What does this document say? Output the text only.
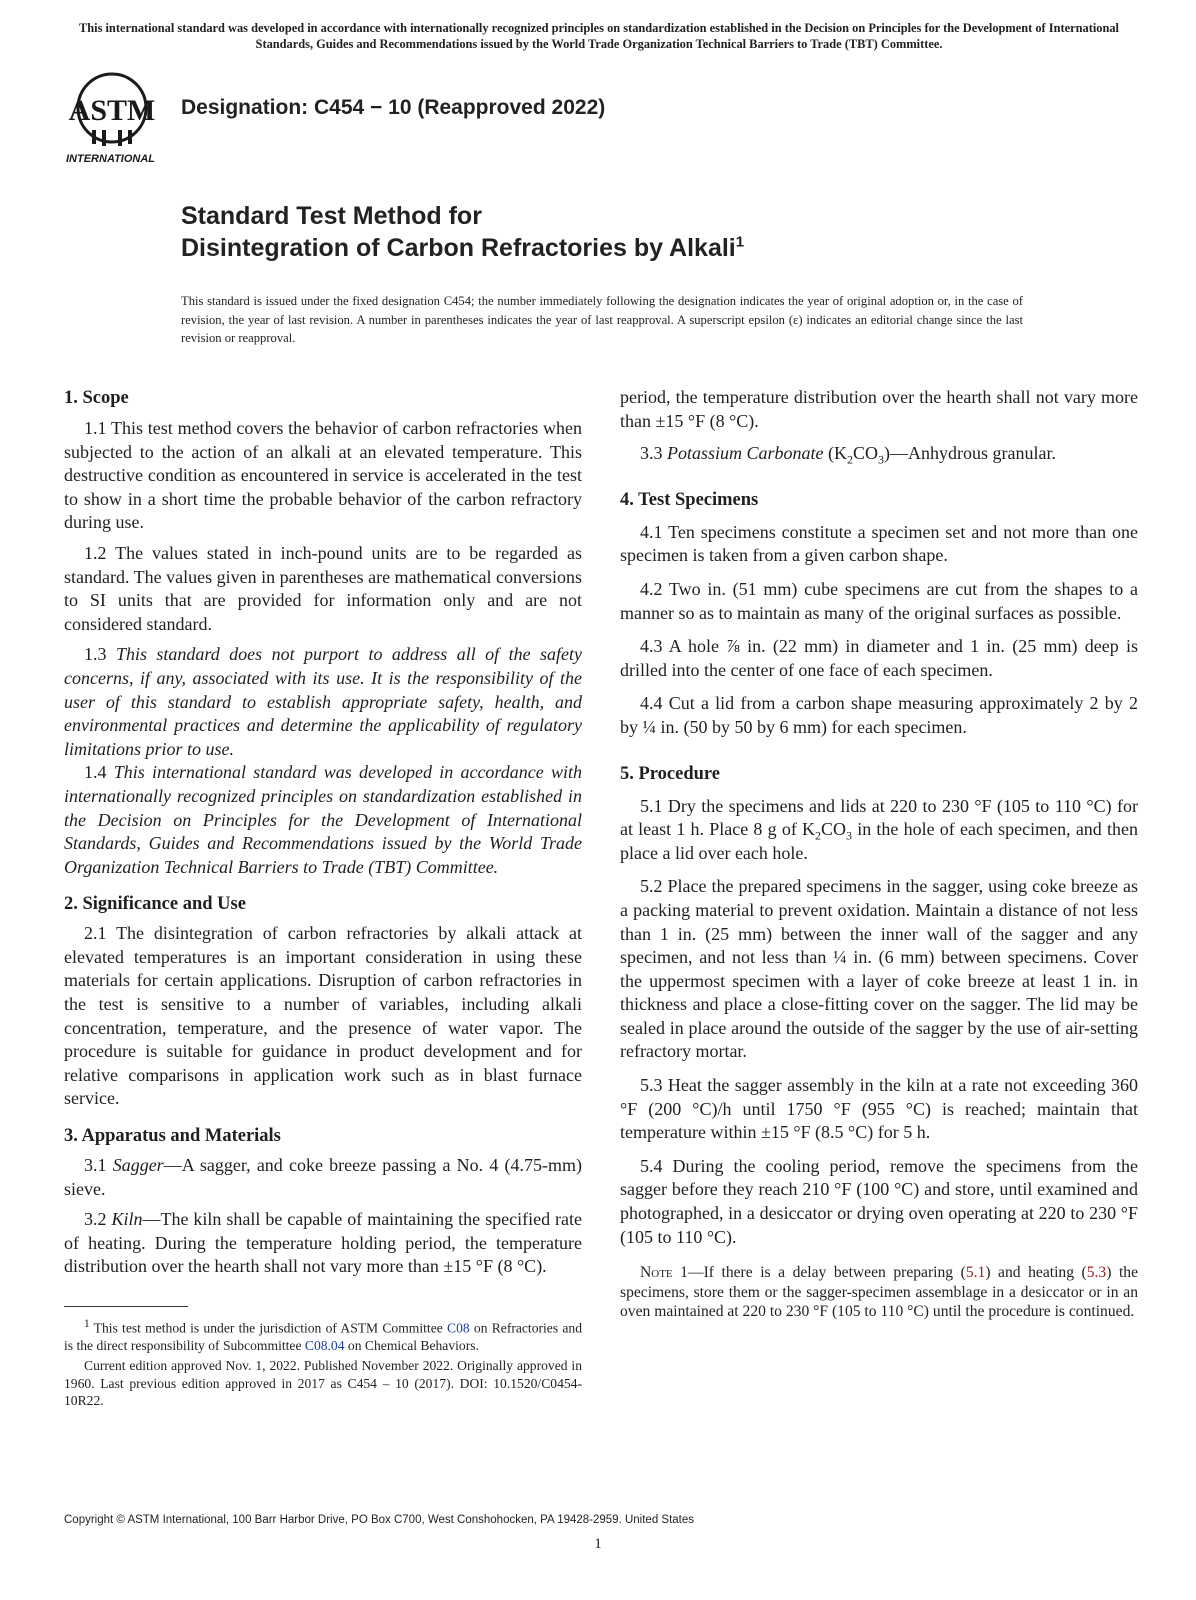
This international standard was developed in accordance with internationally recognized principles on standardization established in the Decision on Principles for the Development of International Standards, Guides and Recommendations issued by the World Trade Organization Technical Barriers to Trade (TBT) Committee.
ASTM
INTERNATIONAL
Designation: C454 − 10 (Reapproved 2022)
Standard Test Method for
Disintegration of Carbon Refractories by Alkali$^1$
This standard is issued under the fixed designation C454; the number immediately following the designation indicates the year of original adoption or, in the case of revision, the year of last revision. A number in parentheses indicates the year of last reapproval. A superscript epsilon (ε) indicates an editorial change since the last revision or reapproval.
1. Scope

1.1 This test method covers the behavior of carbon refractories when subjected to the action of an alkali at an elevated temperature. This destructive condition as encountered in service is accelerated in the test to show in a short time the probable behavior of the carbon refractory during use.

1.2 The values stated in inch-pound units are to be regarded as standard. The values given in parentheses are mathematical conversions to SI units that are provided for information only and are not considered standard.

1.3 This standard does not purport to address all of the safety concerns, if any, associated with its use. It is the responsibility of the user of this standard to establish appropriate safety, health, and environmental practices and determine the applicability of regulatory limitations prior to use.

1.4 This international standard was developed in accordance with internationally recognized principles on standardization established in the Decision on Principles for the Development of International Standards, Guides and Recommendations issued by the World Trade Organization Technical Barriers to Trade (TBT) Committee.

2. Significance and Use

2.1 The disintegration of carbon refractories by alkali attack at elevated temperatures is an important consideration in using these materials for certain applications. Disruption of carbon refractories in the test is sensitive to a number of variables, including alkali concentration, temperature, and the presence of water vapor. The procedure is suitable for guidance in product development and for relative comparisons in application work such as in blast furnace service.

3. Apparatus and Materials

3.1 Sagger—A sagger, and coke breeze passing a No. 4 (4.75-mm) sieve.

3.2 Kiln—The kiln shall be capable of maintaining the specified rate of heating. During the temperature holding period, the temperature distribution over the hearth shall not vary more than ±15 °F (8 °C).

$^1$ This test method is under the jurisdiction of ASTM Committee C08 on Refractories and is the direct responsibility of Subcommittee C08.04 on Chemical Behaviors.

Current edition approved Nov. 1, 2022. Published November 2022. Originally approved in 1960. Last previous edition approved in 2017 as C454 – 10 (2017). DOI: 10.1520/C0454-10R22.

period, the temperature distribution over the hearth shall not vary more than ±15 °F (8 °C).

3.3 Potassium Carbonate $(K_2CO_3)—Anhydrous$ granular.

4. Test Specimens

4.1 Ten specimens constitute a specimen set and not more than one specimen is taken from a given carbon shape.

4.2 Two in. (51 mm) cube specimens are cut from the shapes to a manner so as to maintain as many of the original surfaces as possible.

4.3 A hole ⅞ in. (22 mm) in diameter and 1 in. (25 mm) deep is drilled into the center of one face of each specimen.

4.4 Cut a lid from a carbon shape measuring approximately 2 by 2 by ¼ in. (50 by 50 by 6 mm) for each specimen.

5. Procedure

5.1 Dry the specimens and lids at 220 to 230 °F (105 to 110 °C) for at least 1 h. Place 8 g of $K_2CO_3$ in the hole of each specimen, and then place a lid over each hole.

5.2 Place the prepared specimens in the sagger, using coke breeze as a packing material to prevent oxidation. Maintain a distance of not less than 1 in. (25 mm) between the inner wall of the sagger and any specimen, and not less than ¼ in. (6 mm) between specimens. Cover the uppermost specimen with a layer of coke breeze at least 1 in. in thickness and place a close-fitting cover on the sagger. The lid may be sealed in place around the outside of the sagger by the use of air-setting refractory mortar.

5.3 Heat the sagger assembly in the kiln at a rate not exceeding 360 °F (200 °C)/h until 1750 °F (955 °C) is reached; maintain that temperature within ±15 °F (8.5 °C) for 5 h.

5.4 During the cooling period, remove the specimens from the sagger before they reach 210 °F (100 °C) and store, until examined and photographed, in a desiccator or drying oven operating at 220 to 230 °F (105 to 110 °C).

Note 1—If there is a delay between preparing (5.1) and heating (5.3) the specimens, store them or the sagger-specimen assemblage in a desiccator or in an oven maintained at 220 to 230 °F (105 to 110 °C) until the procedure is continued.

Copyright © ASTM International, 100 Barr Harbor Drive, PO Box C700, West Conshohocken, PA 19428-2959. United States
1
